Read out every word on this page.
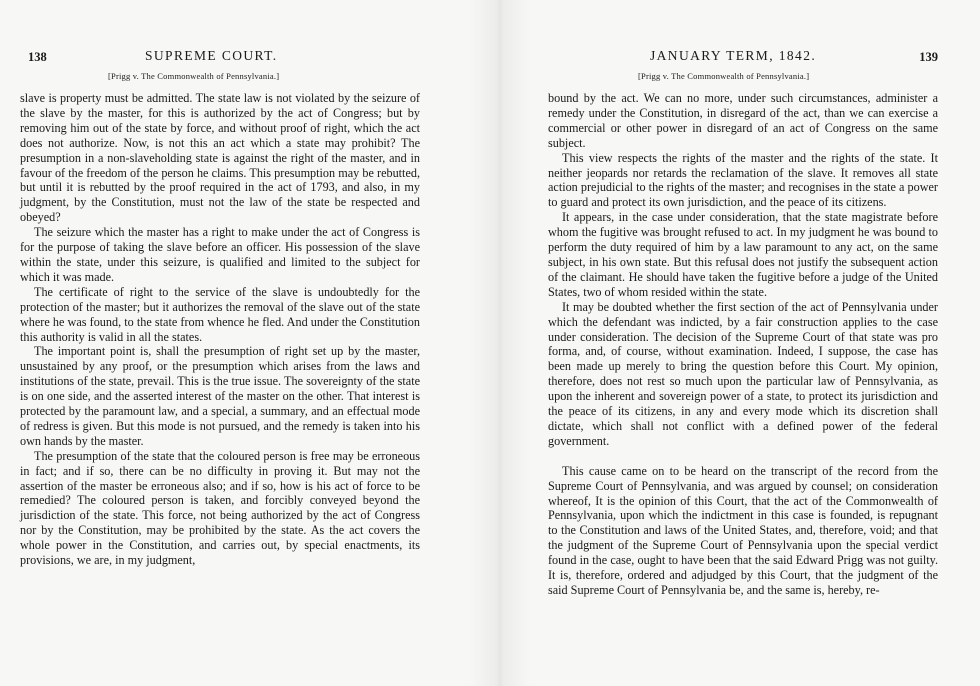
138	SUPREME COURT.
[Prigg v. The Commonwealth of Pennsylvania.]

slave is property must be admitted. The state law is not violated by the seizure of the slave by the master, for this is authorized by the act of Congress; but by removing him out of the state by force, and without proof of right, which the act does not authorize. Now, is not this an act which a state may prohibit? The presumption in a non-slaveholding state is against the right of the master, and in favour of the freedom of the person he claims. This presumption may be rebutted, but until it is rebutted by the proof required in the act of 1793, and also, in my judgment, by the Constitution, must not the law of the state be respected and obeyed?

The seizure which the master has a right to make under the act of Congress is for the purpose of taking the slave before an officer. His possession of the slave within the state, under this seizure, is qualified and limited to the subject for which it was made.

The certificate of right to the service of the slave is undoubtedly for the protection of the master; but it authorizes the removal of the slave out of the state where he was found, to the state from whence he fled. And under the Constitution this authority is valid in all the states.

The important point is, shall the presumption of right set up by the master, unsustained by any proof, or the presumption which arises from the laws and institutions of the state, prevail. This is the true issue. The sovereignty of the state is on one side, and the asserted interest of the master on the other. That interest is protected by the paramount law, and a special, a summary, and an effectual mode of redress is given. But this mode is not pursued, and the remedy is taken into his own hands by the master.

The presumption of the state that the coloured person is free may be erroneous in fact; and if so, there can be no difficulty in proving it. But may not the assertion of the master be erroneous also; and if so, how is his act of force to be remedied? The coloured person is taken, and forcibly conveyed beyond the jurisdiction of the state. This force, not being authorized by the act of Congress nor by the Constitution, may be prohibited by the state. As the act covers the whole power in the Constitution, and carries out, by special enactments, its provisions, we are, in my judgment,

JANUARY TERM, 1842.	139
[Prigg v. The Commonwealth of Pennsylvania.]

bound by the act. We can no more, under such circumstances, administer a remedy under the Constitution, in disregard of the act, than we can exercise a commercial or other power in disregard of an act of Congress on the same subject.

This view respects the rights of the master and the rights of the state. It neither jeopards nor retards the reclamation of the slave. It removes all state action prejudicial to the rights of the master; and recognises in the state a power to guard and protect its own jurisdiction, and the peace of its citizens.

It appears, in the case under consideration, that the state magistrate before whom the fugitive was brought refused to act. In my judgment he was bound to perform the duty required of him by a law paramount to any act, on the same subject, in his own state. But this refusal does not justify the subsequent action of the claimant. He should have taken the fugitive before a judge of the United States, two of whom resided within the state.

It may be doubted whether the first section of the act of Pennsylvania under which the defendant was indicted, by a fair construction applies to the case under consideration. The decision of the Supreme Court of that state was pro forma, and, of course, without examination. Indeed, I suppose, the case has been made up merely to bring the question before this Court. My opinion, therefore, does not rest so much upon the particular law of Pennsylvania, as upon the inherent and sovereign power of a state, to protect its jurisdiction and the peace of its citizens, in any and every mode which its discretion shall dictate, which shall not conflict with a defined power of the federal government.

This cause came on to be heard on the transcript of the record from the Supreme Court of Pennsylvania, and was argued by counsel; on consideration whereof, It is the opinion of this Court, that the act of the Commonwealth of Pennsylvania, upon which the indictment in this case is founded, is repugnant to the Constitution and laws of the United States, and, therefore, void; and that the judgment of the Supreme Court of Pennsylvania upon the special verdict found in the case, ought to have been that the said Edward Prigg was not guilty. It is, therefore, ordered and adjudged by this Court, that the judgment of the said Supreme Court of Pennsylvania be, and the same is, hereby, re-
